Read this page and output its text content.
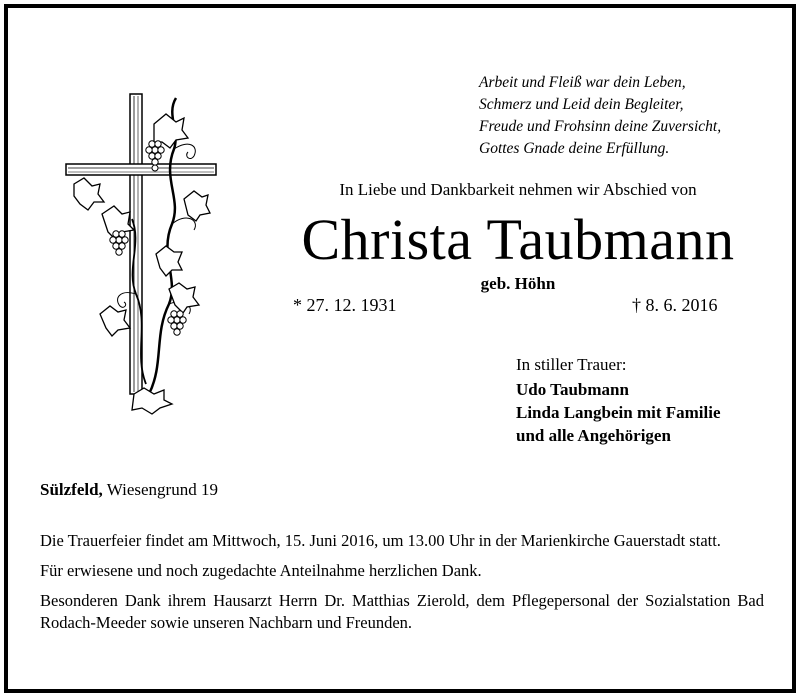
Arbeit und Fleiß war dein Leben,
Schmerz und Leid dein Begleiter,
Freude und Frohsinn deine Zuversicht,
Gottes Gnade deine Erfüllung.
In Liebe und Dankbarkeit nehmen wir Abschied von
Christa Taubmann
geb. Höhn
* 27. 12. 1931	† 8. 6. 2016
In stiller Trauer:
Udo Taubmann
Linda Langbein mit Familie
und alle Angehörigen
Sülzfeld, Wiesengrund 19

Die Trauerfeier findet am Mittwoch, 15. Juni 2016, um 13.00 Uhr in der Marienkirche Gauerstadt statt.

Für erwiesene und noch zugedachte Anteilnahme herzlichen Dank.

Besonderen Dank ihrem Hausarzt Herrn Dr. Matthias Zierold, dem Pflegepersonal der Sozialstation Bad Rodach-Meeder sowie unseren Nachbarn und Freunden.
